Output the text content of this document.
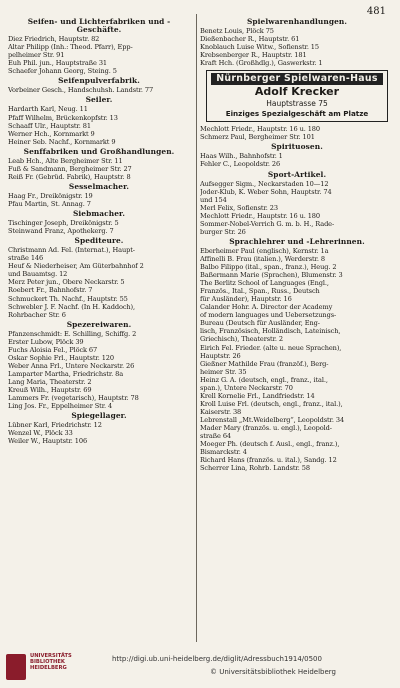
481
Seifen- und Lichterfabriken und -Geschäfte.
Diez Friedrich, Hauptstr. 82
Altar Philipp (Inh.: Theod. Pfarr), Epp-
pelheimer Str. 91
Euh Phil. jun., Hauptstraße 31
Schaefer Johann Georg, Steing. 5
Seifenpulverfabrik.
Vorbeiner Gesch., Handschuhsh. Landstr. 77
Seiler.
Hardarth Karl, Neug. 11
Pfaff Wilhelm, Brückenkopfstr. 13
Schaaff Ulr., Hauptstr. 81
Werner Hch., Kornmarkt 9
Heiner Seb. Nachf., Kornmarkt 9
Senffabriken und Großhandlungen.
Leab Hch., Alte Bergheimer Str. 11
Fuß & Sandmann, Bergheimer Str. 27
Reiß Fr. (Gebrüd. Fabrik), Hauptstr. 8
Sesselmacher.
Haag Fr., Dreikönigstr. 19
Pfau Martin, St. Annag. 7
Siebmacher.
Tischinger Joseph, Dreikönigstr. 5
Steinwand Franz, Apothekerg. 7
Spediteure.
Christmann Ad. Fel. (Internat.), Haupt-
straße 146
Heuf & Niederheiser, Am Güterbahnhof 2
und Bauamtsg. 12
Merz Peter jun., Obere Neckarstr. 5
Roebert Fr., Bahnhofstr. 7
Schmuckert Th. Nachf., Hauptstr. 55
Schwebler J. F. Nachf. (In H. Kaddoch),
Rohrbacher Str. 6
Spezereiwaren.
Pfanzenschmidt: E. Schilling, Schiffg. 2
Erster Lubow, Plöck 39
Fuchs Aloisia Fel., Plöck 67
Oskar Sophie Frl., Hauptstr. 120
Weber Anna Frl., Untere Neckarstr. 26
Lamparter Martha, Friedrichstr. 8a
Lang Maria, Theaterstr. 2
Kreuß Wilh., Hauptstr. 69
Lammers Fr. (vegetarisch), Hauptstr. 78
Ling Jos. Fr., Eppelheimer Str. 4
Spiegellager.
Lübner Karl, Friedrichstr. 12
Wenzel W., Plöck 33
Weiler W., Hauptstr. 106
Spielwarenhandlungen.
Benetz Louis, Plöck 75
Dießenbacher R., Hauptstr. 61
Knoblauch Luise Witw., Sofienstr. 15
Krebsenberger R., Hauptstr. 181
Kraft Hch. (Großhdlg.), Gaswerkstr. 1
Nürnberger Spielwaren-Haus
Adolf Krecker
Hauptstrasse 75
Einziges Spezialgeschäft am Platze
Mechlott Friedr., Hauptstr. 16 u. 180
Schmerz Paul, Bergheimer Str. 101
Spirituosen.
Haas Wilh., Bahnhofstr. 1
Fehler C., Leopoldstr. 26
Sport-Artikel.
Aufsegger Sigm., Neckarstaden 10—12
Joder-Klub, K. Weber Sohn, Hauptstr. 74
und 154
Merl Felix, Sofienstr. 23
Mechlott Friedr., Hauptstr. 16 u. 180
Sommer-Nobel-Verrich G. m. b. H., Rade-
burger Str. 26
Sprachlehrer und -Lehrerinnen.
Eberheimer Paul (englisch), Kernstr. 1a
Affinelli B. Frau (italien.), Werderstr. 8
Balbo Filippo (ital., span., franz.), Heug. 2
Baßermann Marie (Sprachen), Blumenstr. 3
The Berlitz School of Languages (Engl.,
Französ., Ital., Span., Russ., Deutsch
für Ausländer), Hauptstr. 16
Calander Hohr. A. Director der Academy
of modern languages und Uebersetzungs-
Bureau (Deutsch für Ausländer, Eng-
lisch, Französisch, Holländisch, Lateinisch,
Griechisch), Theaterstr. 2
Eirich Fel. Frieder. (alte u. neue Sprachen),
Hauptstr. 26
Gießner Mathilde Frau (franzöf.), Berg-
heimer Str. 35
Heinz G. A. (deutsch, engl., franz., ital.,
span.), Untere Neckarstr. 70
Krell Kornelie Frl., Landfriedstr. 14
Kroll Luise Frl. (deutsch, engl., franz., ital.),
Kaiserstr. 38
Lebrenstall „Mt.Weidelberg“, Leopoldstr. 34
Mader Mary (französ. u. engl.), Leopold-
straße 64
Moeger Ph. (deutsch f. Ausl., engl., franz.),
Bismarckstr. 4
Richard Hans (französ. u. ital.), Sandg. 12
Scherrer Lina, Rohrb. Landstr. 58
UNIVERSITÄTS
BIBLIOTHEK
HEIDELBERG
http://digi.ub.uni-heidelberg.de/diglit/Adressbuch1914/0500
© Universitätsbibliothek Heidelberg
